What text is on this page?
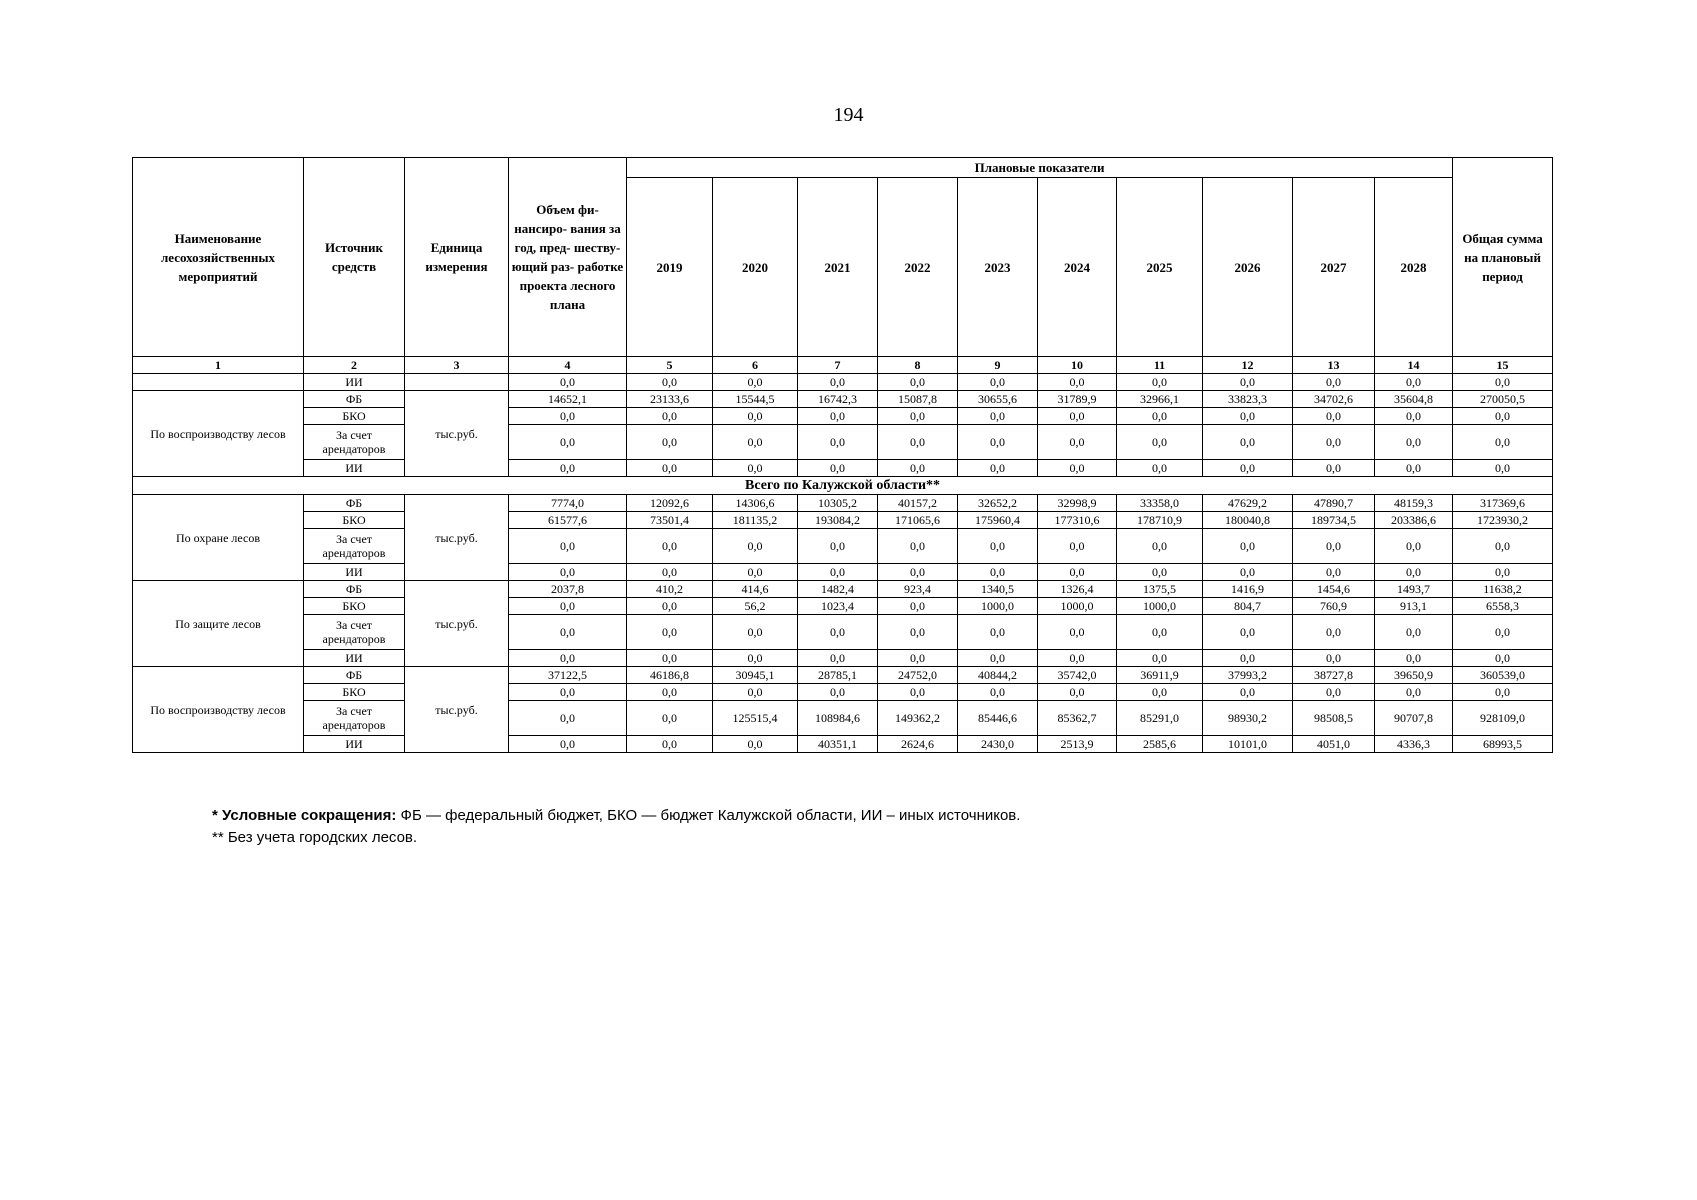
194
Наименование лесохозяйственных мероприятий	Источник средств	Единица измерения	Объем фи- нансиро- вания за год, пред- шеству- ющий раз- работке проекта лесного плана	Плановые показатели										Общая сумма на плановый период
				2019	2020	2021	2022	2023	2024	2025	2026	2027	2028	
1	2	3	4	5	6	7	8	9	10	11	12	13	14	15
	ИИ		0,0	0,0	0,0	0,0	0,0	0,0	0,0	0,0	0,0	0,0	0,0	0,0
По воспроизводству лесов	ФБ	тыс.руб.	14652,1	23133,6	15544,5	16742,3	15087,8	30655,6	31789,9	32966,1	33823,3	34702,6	35604,8	270050,5
	БКО		0,0	0,0	0,0	0,0	0,0	0,0	0,0	0,0	0,0	0,0	0,0	0,0
	За счет арендаторов		0,0	0,0	0,0	0,0	0,0	0,0	0,0	0,0	0,0	0,0	0,0	0,0
	ИИ		0,0	0,0	0,0	0,0	0,0	0,0	0,0	0,0	0,0	0,0	0,0	0,0
Всего по Калужской области**														
По охране лесов	ФБ	тыс.руб.	7774,0	12092,6	14306,6	10305,2	40157,2	32652,2	32998,9	33358,0	47629,2	47890,7	48159,3	317369,6
	БКО		61577,6	73501,4	181135,2	193084,2	171065,6	175960,4	177310,6	178710,9	180040,8	189734,5	203386,6	1723930,2
	За счет арендаторов		0,0	0,0	0,0	0,0	0,0	0,0	0,0	0,0	0,0	0,0	0,0	0,0
	ИИ		0,0	0,0	0,0	0,0	0,0	0,0	0,0	0,0	0,0	0,0	0,0	0,0
По защите лесов	ФБ	тыс.руб.	2037,8	410,2	414,6	1482,4	923,4	1340,5	1326,4	1375,5	1416,9	1454,6	1493,7	11638,2
	БКО		0,0	0,0	56,2	1023,4	0,0	1000,0	1000,0	1000,0	804,7	760,9	913,1	6558,3
	За счет арендаторов		0,0	0,0	0,0	0,0	0,0	0,0	0,0	0,0	0,0	0,0	0,0	0,0
	ИИ		0,0	0,0	0,0	0,0	0,0	0,0	0,0	0,0	0,0	0,0	0,0	0,0
По воспроизводству лесов	ФБ	тыс.руб.	37122,5	46186,8	30945,1	28785,1	24752,0	40844,2	35742,0	36911,9	37993,2	38727,8	39650,9	360539,0
	БКО		0,0	0,0	0,0	0,0	0,0	0,0	0,0	0,0	0,0	0,0	0,0	0,0
	За счет арендаторов		0,0	0,0	125515,4	108984,6	149362,2	85446,6	85362,7	85291,0	98930,2	98508,5	90707,8	928109,0
	ИИ		0,0	0,0	0,0	40351,1	2624,6	2430,0	2513,9	2585,6	10101,0	4051,0	4336,3	68993,5
* Условные сокращения: ФБ — федеральный бюджет, БКО — бюджет Калужской области, ИИ – иных источников.
** Без учета городских лесов.
